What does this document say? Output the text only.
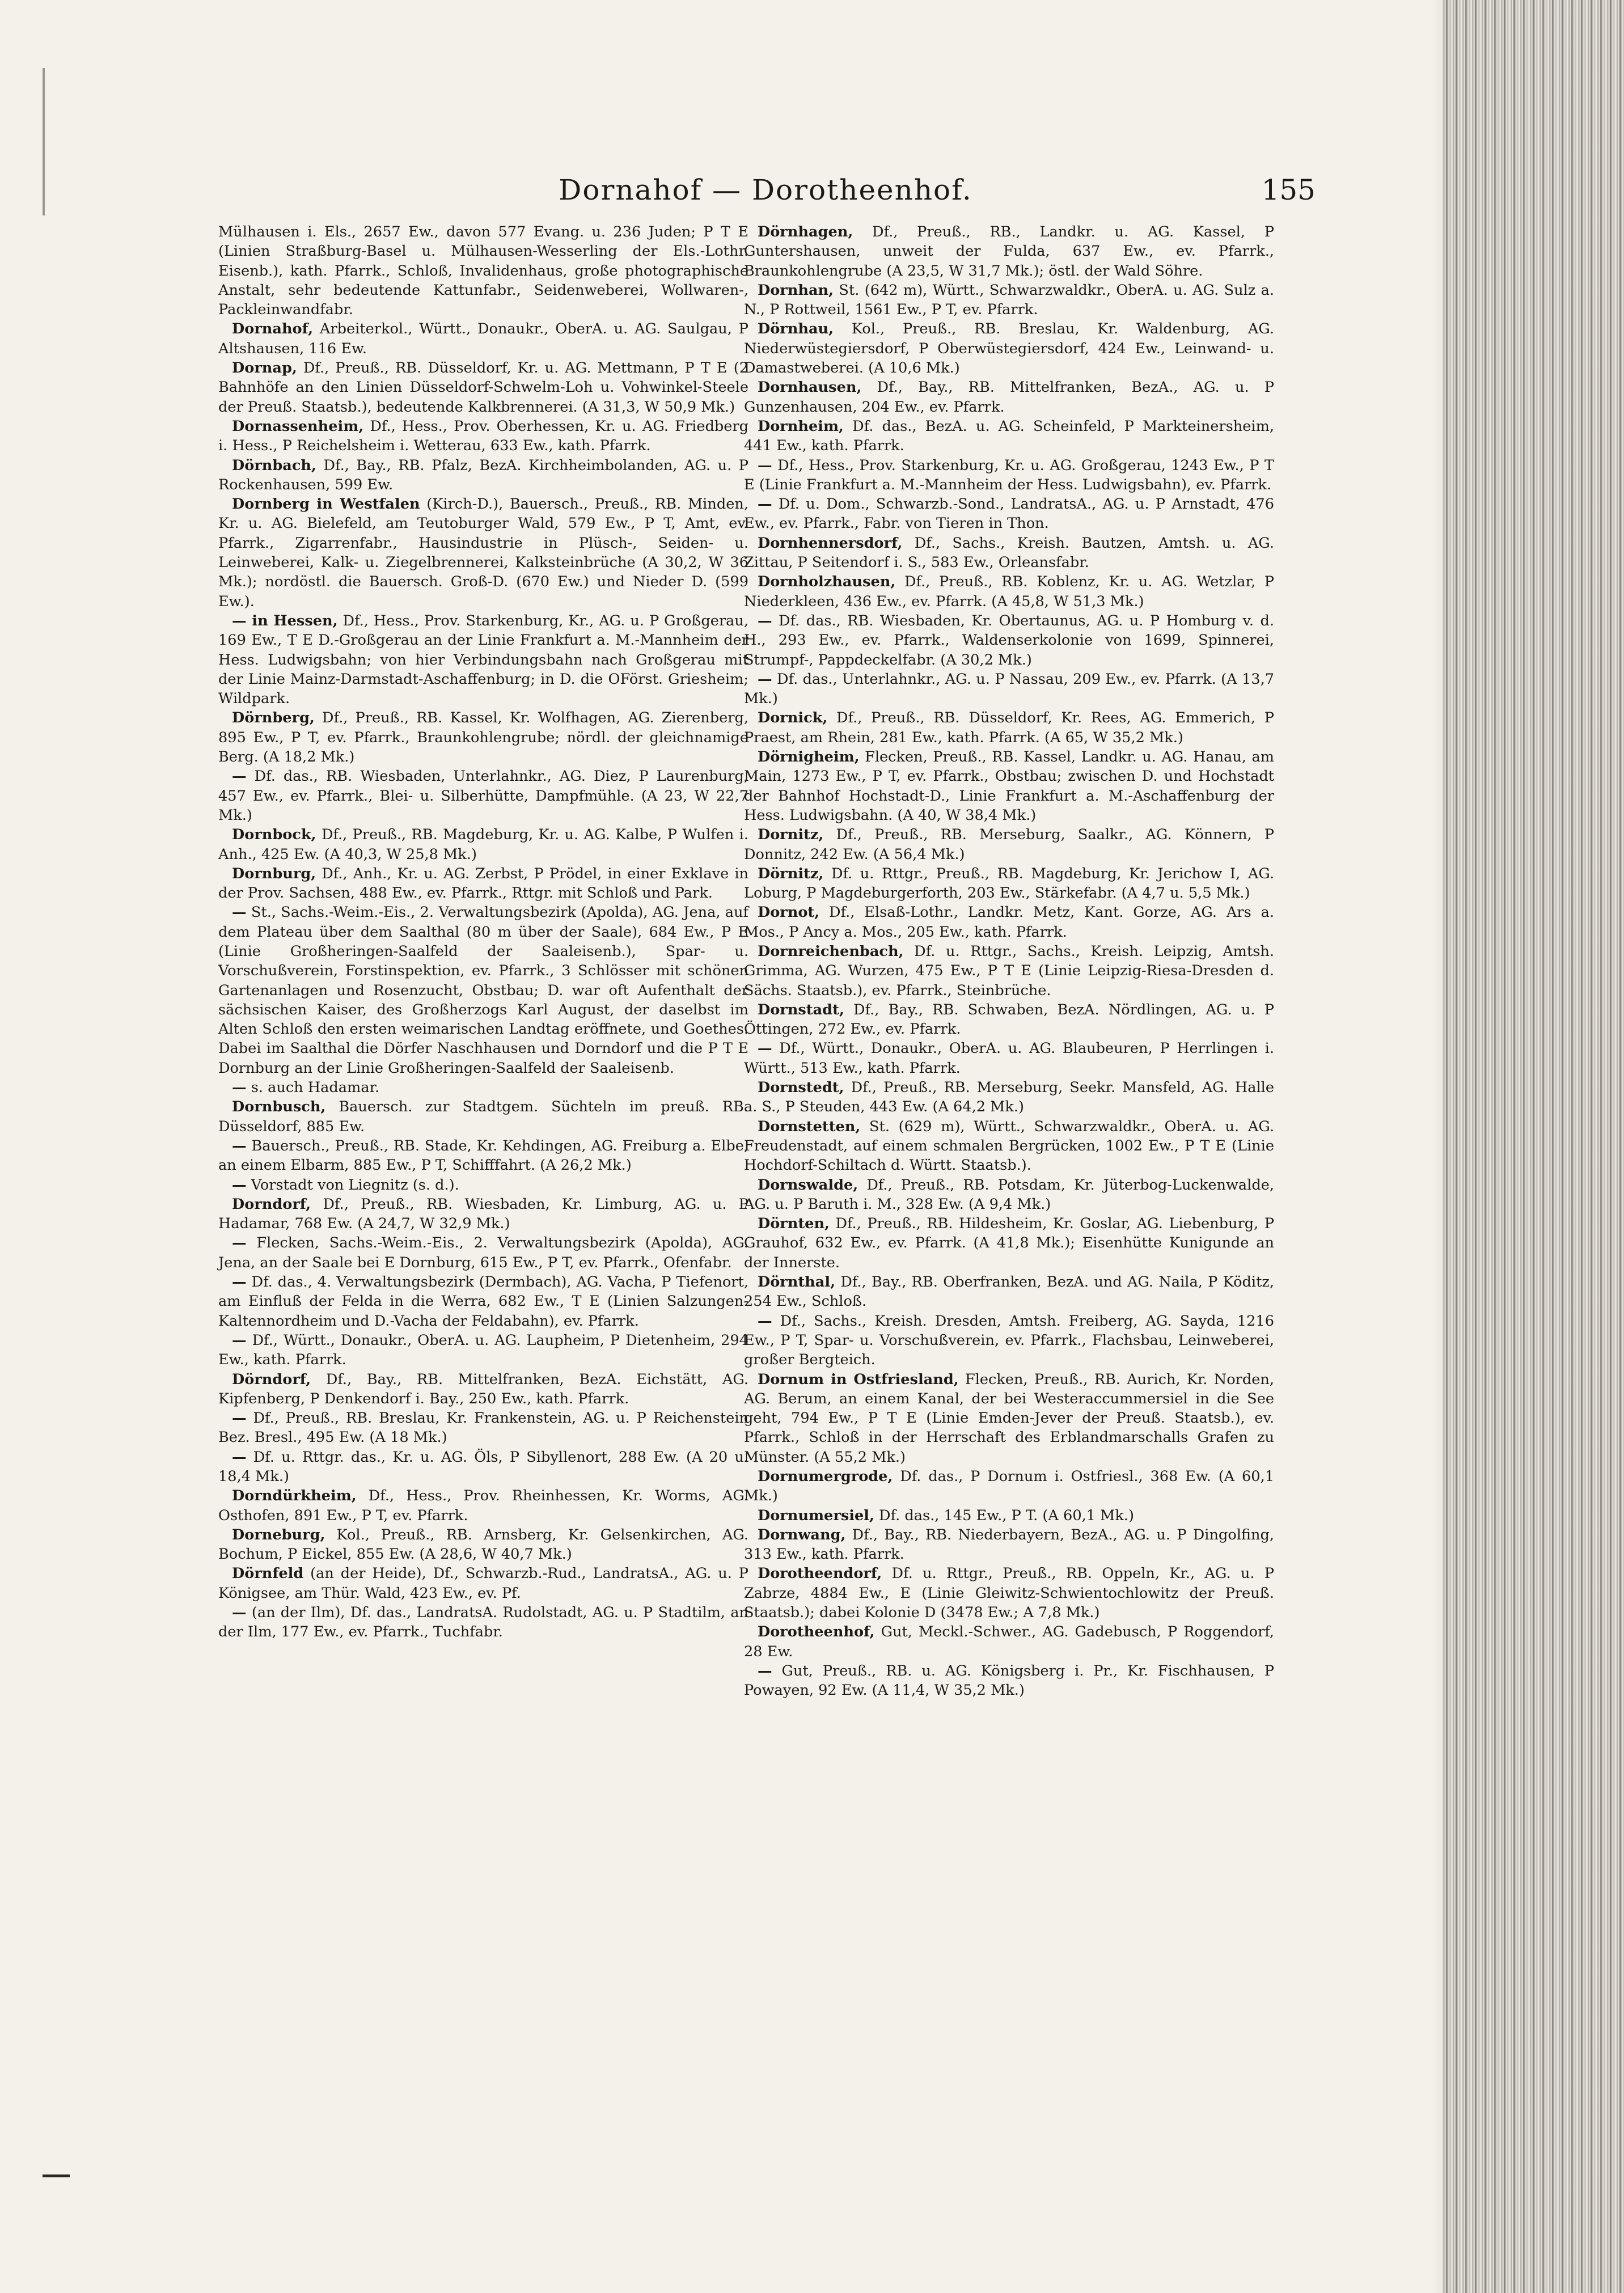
Dornahof — Dorotheenhof.	155

Mülhausen i. Els., 2657 Ew., davon 577 Evang. u. 236 Juden; P T E (Linien Straßburg-Basel u. Mülhausen-Wesserling der Els.-Lothr. Eisenb.), kath. Pfarrk., Schloß, Invalidenhaus, große photographische Anstalt, sehr bedeutende Kattunfabr., Seidenweberei, Wollwaren-, Packleinwandfabr.

Dornahof, Arbeiterkol., Württ., Donaukr., OberA. u. AG. Saulgau, P Altshausen, 116 Ew.

Dornap, Df., Preuß., RB. Düsseldorf, Kr. u. AG. Mettmann, P T E (2 Bahnhöfe an den Linien Düsseldorf-Schwelm-Loh u. Vohwinkel-Steele der Preuß. Staatsb.), bedeutende Kalkbrennerei. (A 31,3, W 50,9 Mk.)

Dornassenheim, Df., Hess., Prov. Oberhessen, Kr. u. AG. Friedberg i. Hess., P Reichelsheim i. Wetterau, 633 Ew., kath. Pfarrk.

Dörnbach, Df., Bay., RB. Pfalz, BezA. Kirchheimbolanden, AG. u. P Rockenhausen, 599 Ew.

Dornberg in Westfalen (Kirch-D.), Bauersch., Preuß., RB. Minden, Kr. u. AG. Bielefeld, am Teutoburger Wald, 579 Ew., P T, Amt, ev. Pfarrk., Zigarrenfabr., Hausindustrie in Plüsch-, Seiden- u. Leinweberei, Kalk- u. Ziegelbrennerei, Kalksteinbrüche (A 30,2, W 36 Mk.); nordöstl. die Bauersch. Groß-D. (670 Ew.) und Nieder D. (599 Ew.).

— in Hessen, Df., Hess., Prov. Starkenburg, Kr., AG. u. P Großgerau, 169 Ew., T E D.-Großgerau an der Linie Frankfurt a. M.-Mannheim der Hess. Ludwigsbahn; von hier Verbindungsbahn nach Großgerau mit der Linie Mainz-Darmstadt-Aschaffenburg; in D. die OFörst. Griesheim; Wildpark.

Dörnberg, Df., Preuß., RB. Kassel, Kr. Wolfhagen, AG. Zierenberg, 895 Ew., P T, ev. Pfarrk., Braunkohlengrube; nördl. der gleichnamige Berg. (A 18,2 Mk.)

— Df. das., RB. Wiesbaden, Unterlahnkr., AG. Diez, P Laurenburg, 457 Ew., ev. Pfarrk., Blei- u. Silberhütte, Dampfmühle. (A 23, W 22,7 Mk.)

Dornbock, Df., Preuß., RB. Magdeburg, Kr. u. AG. Kalbe, P Wulfen i. Anh., 425 Ew. (A 40,3, W 25,8 Mk.)

Dornburg, Df., Anh., Kr. u. AG. Zerbst, P Prödel, in einer Exklave in der Prov. Sachsen, 488 Ew., ev. Pfarrk., Rttgr. mit Schloß und Park.

— St., Sachs.-Weim.-Eis., 2. Verwaltungsbezirk (Apolda), AG. Jena, auf dem Plateau über dem Saalthal (80 m über der Saale), 684 Ew., P E (Linie Großheringen-Saalfeld der Saaleisenb.), Spar- u. Vorschußverein, Forstinspektion, ev. Pfarrk., 3 Schlösser mit schönen Gartenanlagen und Rosenzucht, Obstbau; D. war oft Aufenthalt der sächsischen Kaiser, des Großherzogs Karl August, der daselbst im Alten Schloß den ersten weimarischen Landtag eröffnete, und Goethes. Dabei im Saalthal die Dörfer Naschhausen und Dorndorf und die P T E Dornburg an der Linie Großheringen-Saalfeld der Saaleisenb.

— s. auch Hadamar.

Dornbusch, Bauersch. zur Stadtgem. Süchteln im preuß. RB. Düsseldorf, 885 Ew.

— Bauersch., Preuß., RB. Stade, Kr. Kehdingen, AG. Freiburg a. Elbe, an einem Elbarm, 885 Ew., P T, Schifffahrt. (A 26,2 Mk.)

— Vorstadt von Liegnitz (s. d.).

Dorndorf, Df., Preuß., RB. Wiesbaden, Kr. Limburg, AG. u. P Hadamar, 768 Ew. (A 24,7, W 32,9 Mk.)

— Flecken, Sachs.-Weim.-Eis., 2. Verwaltungsbezirk (Apolda), AG. Jena, an der Saale bei E Dornburg, 615 Ew., P T, ev. Pfarrk., Ofenfabr.

— Df. das., 4. Verwaltungsbezirk (Dermbach), AG. Vacha, P Tiefenort, am Einfluß der Felda in die Werra, 682 Ew., T E (Linien Salzungen-Kaltennordheim und D.-Vacha der Feldabahn), ev. Pfarrk.

— Df., Württ., Donaukr., OberA. u. AG. Laupheim, P Dietenheim, 294 Ew., kath. Pfarrk.

Dörndorf, Df., Bay., RB. Mittelfranken, BezA. Eichstätt, AG. Kipfenberg, P Denkendorf i. Bay., 250 Ew., kath. Pfarrk.

— Df., Preuß., RB. Breslau, Kr. Frankenstein, AG. u. P Reichenstein Bez. Bresl., 495 Ew. (A 18 Mk.)

— Df. u. Rttgr. das., Kr. u. AG. Öls, P Sibyllenort, 288 Ew. (A 20 u. 18,4 Mk.)

Dorndürkheim, Df., Hess., Prov. Rheinhessen, Kr. Worms, AG. Osthofen, 891 Ew., P T, ev. Pfarrk.

Dorneburg, Kol., Preuß., RB. Arnsberg, Kr. Gelsenkirchen, AG. Bochum, P Eickel, 855 Ew. (A 28,6, W 40,7 Mk.)

Dörnfeld (an der Heide), Df., Schwarzb.-Rud., LandratsA., AG. u. P Königsee, am Thür. Wald, 423 Ew., ev. Pf.

— (an der Ilm), Df. das., LandratsA. Rudolstadt, AG. u. P Stadtilm, an der Ilm, 177 Ew., ev. Pfarrk., Tuchfabr.

Dörnhagen, Df., Preuß., RB., Landkr. u. AG. Kassel, P Guntershausen, unweit der Fulda, 637 Ew., ev. Pfarrk., Braunkohlengrube (A 23,5, W 31,7 Mk.); östl. der Wald Söhre.

Dornhan, St. (642 m), Württ., Schwarzwaldkr., OberA. u. AG. Sulz a. N., P Rottweil, 1561 Ew., P T, ev. Pfarrk.

Dörnhau, Kol., Preuß., RB. Breslau, Kr. Waldenburg, AG. Niederwüstegiersdorf, P Oberwüstegiersdorf, 424 Ew., Leinwand- u. Damastweberei. (A 10,6 Mk.)

Dornhausen, Df., Bay., RB. Mittelfranken, BezA., AG. u. P Gunzenhausen, 204 Ew., ev. Pfarrk.

Dornheim, Df. das., BezA. u. AG. Scheinfeld, P Markteinersheim, 441 Ew., kath. Pfarrk.

— Df., Hess., Prov. Starkenburg, Kr. u. AG. Großgerau, 1243 Ew., P T E (Linie Frankfurt a. M.-Mannheim der Hess. Ludwigsbahn), ev. Pfarrk.

— Df. u. Dom., Schwarzb.-Sond., LandratsA., AG. u. P Arnstadt, 476 Ew., ev. Pfarrk., Fabr. von Tieren in Thon.

Dornhennersdorf, Df., Sachs., Kreish. Bautzen, Amtsh. u. AG. Zittau, P Seitendorf i. S., 583 Ew., Orleansfabr.

Dornholzhausen, Df., Preuß., RB. Koblenz, Kr. u. AG. Wetzlar, P Niederkleen, 436 Ew., ev. Pfarrk. (A 45,8, W 51,3 Mk.)

— Df. das., RB. Wiesbaden, Kr. Obertaunus, AG. u. P Homburg v. d. H., 293 Ew., ev. Pfarrk., Waldenserkolonie von 1699, Spinnerei, Strumpf-, Pappdeckelfabr. (A 30,2 Mk.)

— Df. das., Unterlahnkr., AG. u. P Nassau, 209 Ew., ev. Pfarrk. (A 13,7 Mk.)

Dornick, Df., Preuß., RB. Düsseldorf, Kr. Rees, AG. Emmerich, P Praest, am Rhein, 281 Ew., kath. Pfarrk. (A 65, W 35,2 Mk.)

Dörnigheim, Flecken, Preuß., RB. Kassel, Landkr. u. AG. Hanau, am Main, 1273 Ew., P T, ev. Pfarrk., Obstbau; zwischen D. und Hochstadt der Bahnhof Hochstadt-D., Linie Frankfurt a. M.-Aschaffenburg der Hess. Ludwigsbahn. (A 40, W 38,4 Mk.)

Dornitz, Df., Preuß., RB. Merseburg, Saalkr., AG. Könnern, P Donnitz, 242 Ew. (A 56,4 Mk.)

Dörnitz, Df. u. Rttgr., Preuß., RB. Magdeburg, Kr. Jerichow I, AG. Loburg, P Magdeburgerforth, 203 Ew., Stärkefabr. (A 4,7 u. 5,5 Mk.)

Dornot, Df., Elsaß-Lothr., Landkr. Metz, Kant. Gorze, AG. Ars a. Mos., P Ancy a. Mos., 205 Ew., kath. Pfarrk.

Dornreichenbach, Df. u. Rttgr., Sachs., Kreish. Leipzig, Amtsh. Grimma, AG. Wurzen, 475 Ew., P T E (Linie Leipzig-Riesa-Dresden d. Sächs. Staatsb.), ev. Pfarrk., Steinbrüche.

Dornstadt, Df., Bay., RB. Schwaben, BezA. Nördlingen, AG. u. P Öttingen, 272 Ew., ev. Pfarrk.

— Df., Württ., Donaukr., OberA. u. AG. Blaubeuren, P Herrlingen i. Württ., 513 Ew., kath. Pfarrk.

Dornstedt, Df., Preuß., RB. Merseburg, Seekr. Mansfeld, AG. Halle a. S., P Steuden, 443 Ew. (A 64,2 Mk.)

Dornstetten, St. (629 m), Württ., Schwarzwaldkr., OberA. u. AG. Freudenstadt, auf einem schmalen Bergrücken, 1002 Ew., P T E (Linie Hochdorf-Schiltach d. Württ. Staatsb.).

Dornswalde, Df., Preuß., RB. Potsdam, Kr. Jüterbog-Luckenwalde, AG. u. P Baruth i. M., 328 Ew. (A 9,4 Mk.)

Dörnten, Df., Preuß., RB. Hildesheim, Kr. Goslar, AG. Liebenburg, P Grauhof, 632 Ew., ev. Pfarrk. (A 41,8 Mk.); Eisenhütte Kunigunde an der Innerste.

Dörnthal, Df., Bay., RB. Oberfranken, BezA. und AG. Naila, P Köditz, 254 Ew., Schloß.

— Df., Sachs., Kreish. Dresden, Amtsh. Freiberg, AG. Sayda, 1216 Ew., P T, Spar- u. Vorschußverein, ev. Pfarrk., Flachsbau, Leinweberei, großer Bergteich.

Dornum in Ostfriesland, Flecken, Preuß., RB. Aurich, Kr. Norden, AG. Berum, an einem Kanal, der bei Westeraccummersiel in die See geht, 794 Ew., P T E (Linie Emden-Jever der Preuß. Staatsb.), ev. Pfarrk., Schloß in der Herrschaft des Erblandmarschalls Grafen zu Münster. (A 55,2 Mk.)

Dornumergrode, Df. das., P Dornum i. Ostfriesl., 368 Ew. (A 60,1 Mk.)

Dornumersiel, Df. das., 145 Ew., P T. (A 60,1 Mk.)

Dornwang, Df., Bay., RB. Niederbayern, BezA., AG. u. P Dingolfing, 313 Ew., kath. Pfarrk.

Dorotheendorf, Df. u. Rttgr., Preuß., RB. Oppeln, Kr., AG. u. P Zabrze, 4884 Ew., E (Linie Gleiwitz-Schwientochlowitz der Preuß. Staatsb.); dabei Kolonie D (3478 Ew.; A 7,8 Mk.)

Dorotheenhof, Gut, Meckl.-Schwer., AG. Gadebusch, P Roggendorf, 28 Ew.

— Gut, Preuß., RB. u. AG. Königsberg i. Pr., Kr. Fischhausen, P Powayen, 92 Ew. (A 11,4, W 35,2 Mk.)
